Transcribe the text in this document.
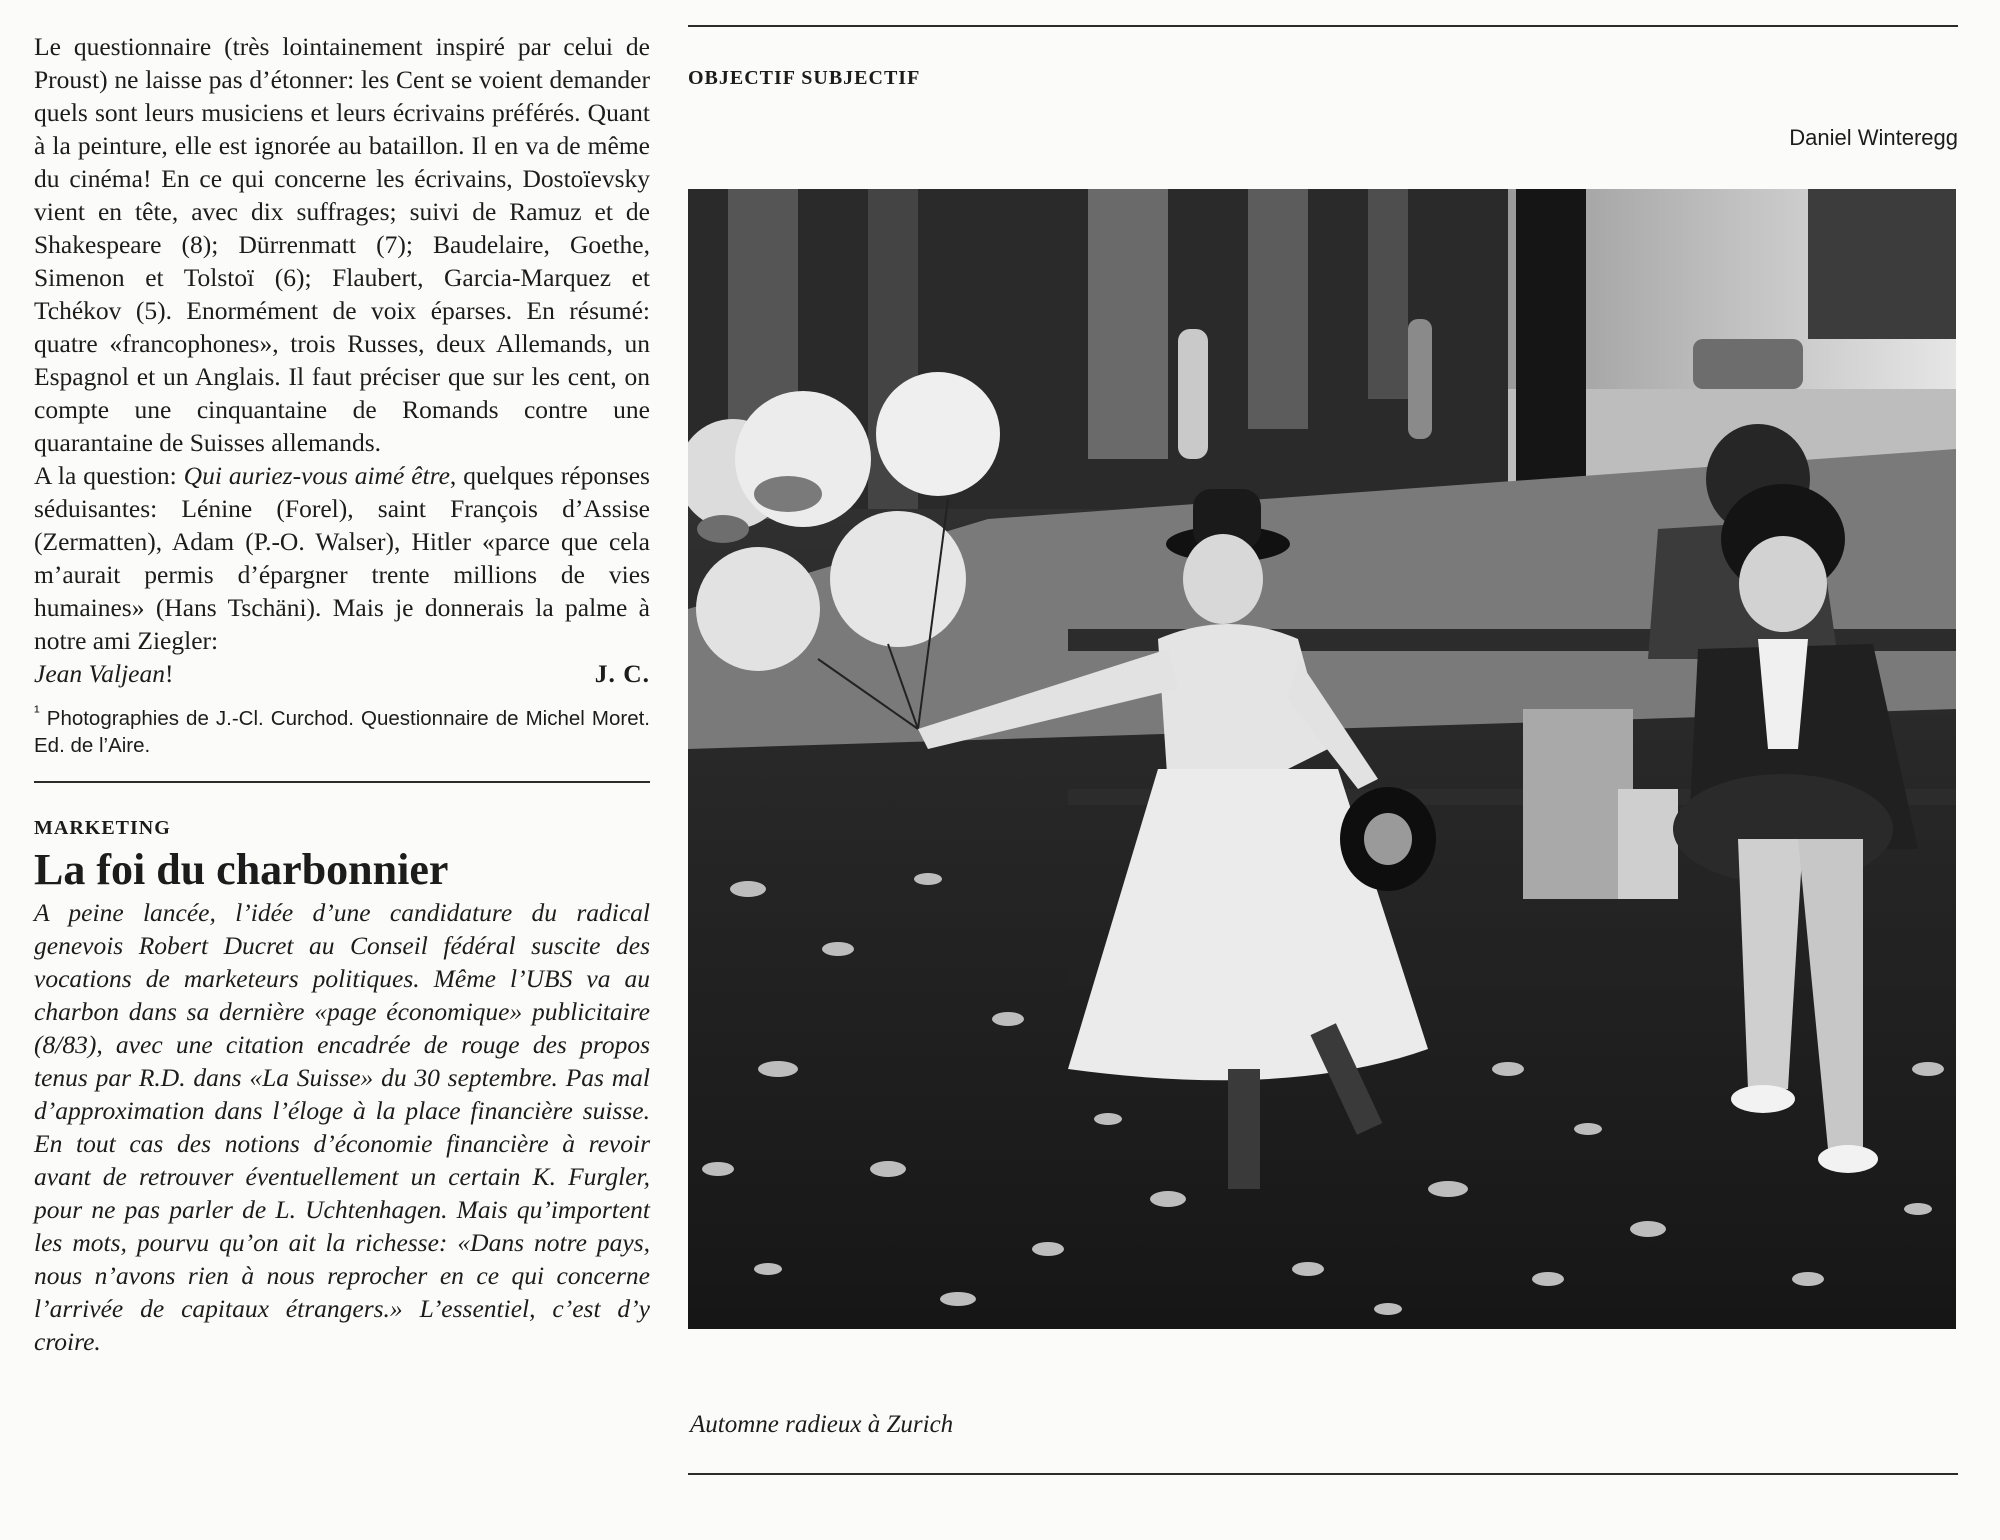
Le questionnaire (très lointainement inspiré par celui de Proust) ne laisse pas d’étonner: les Cent se voient demander quels sont leurs musiciens et leurs écrivains préférés. Quant à la peinture, elle est ignorée au bataillon. Il en va de même du cinéma! En ce qui concerne les écrivains, Dostoïevsky vient en tête, avec dix suffrages; suivi de Ramuz et de Shakespeare (8); Dürrenmatt (7); Baudelaire, Goethe, Simenon et Tolstoï (6); Flaubert, Garcia-Marquez et Tchékov (5). Enormément de voix éparses. En résumé: quatre «francophones», trois Russes, deux Allemands, un Espagnol et un Anglais. Il faut préciser que sur les cent, on compte une cinquantaine de Romands contre une quarantaine de Suisses allemands.

A la question: Qui auriez-vous aimé être, quelques réponses séduisantes: Lénine (Forel), saint François d’Assise (Zermatten), Adam (P.-O. Walser), Hitler «parce que cela m’aurait permis d’épargner trente millions de vies humaines» (Hans Tschäni). Mais je donnerais la palme à notre ami Ziegler:

Jean Valjean!	J. C.
$^{^1}$ Photographies de J.-Cl. Curchod. Questionnaire de Michel Moret. Ed. de l’Aire.
MARKETING
La foi du charbonnier

A peine lancée, l’idée d’une candidature du radical genevois Robert Ducret au Conseil fédéral suscite des vocations de marketeurs politiques. Même l’UBS va au charbon dans sa dernière «page économique» publicitaire (8/83), avec une citation encadrée de rouge des propos tenus par R.D. dans «La Suisse» du 30 septembre. Pas mal d’approximation dans l’éloge à la place financière suisse. En tout cas des notions d’économie financière à revoir avant de retrouver éventuellement un certain K. Furgler, pour ne pas parler de L. Uchtenhagen. Mais qu’importent les mots, pourvu qu’on ait la richesse: «Dans notre pays, nous n’avons rien à nous reprocher en ce qui concerne l’arrivée de capitaux étrangers.» L’essentiel, c’est d’y croire.

OBJECTIF SUBJECTIF
Daniel Winteregg
Automne radieux à Zurich
